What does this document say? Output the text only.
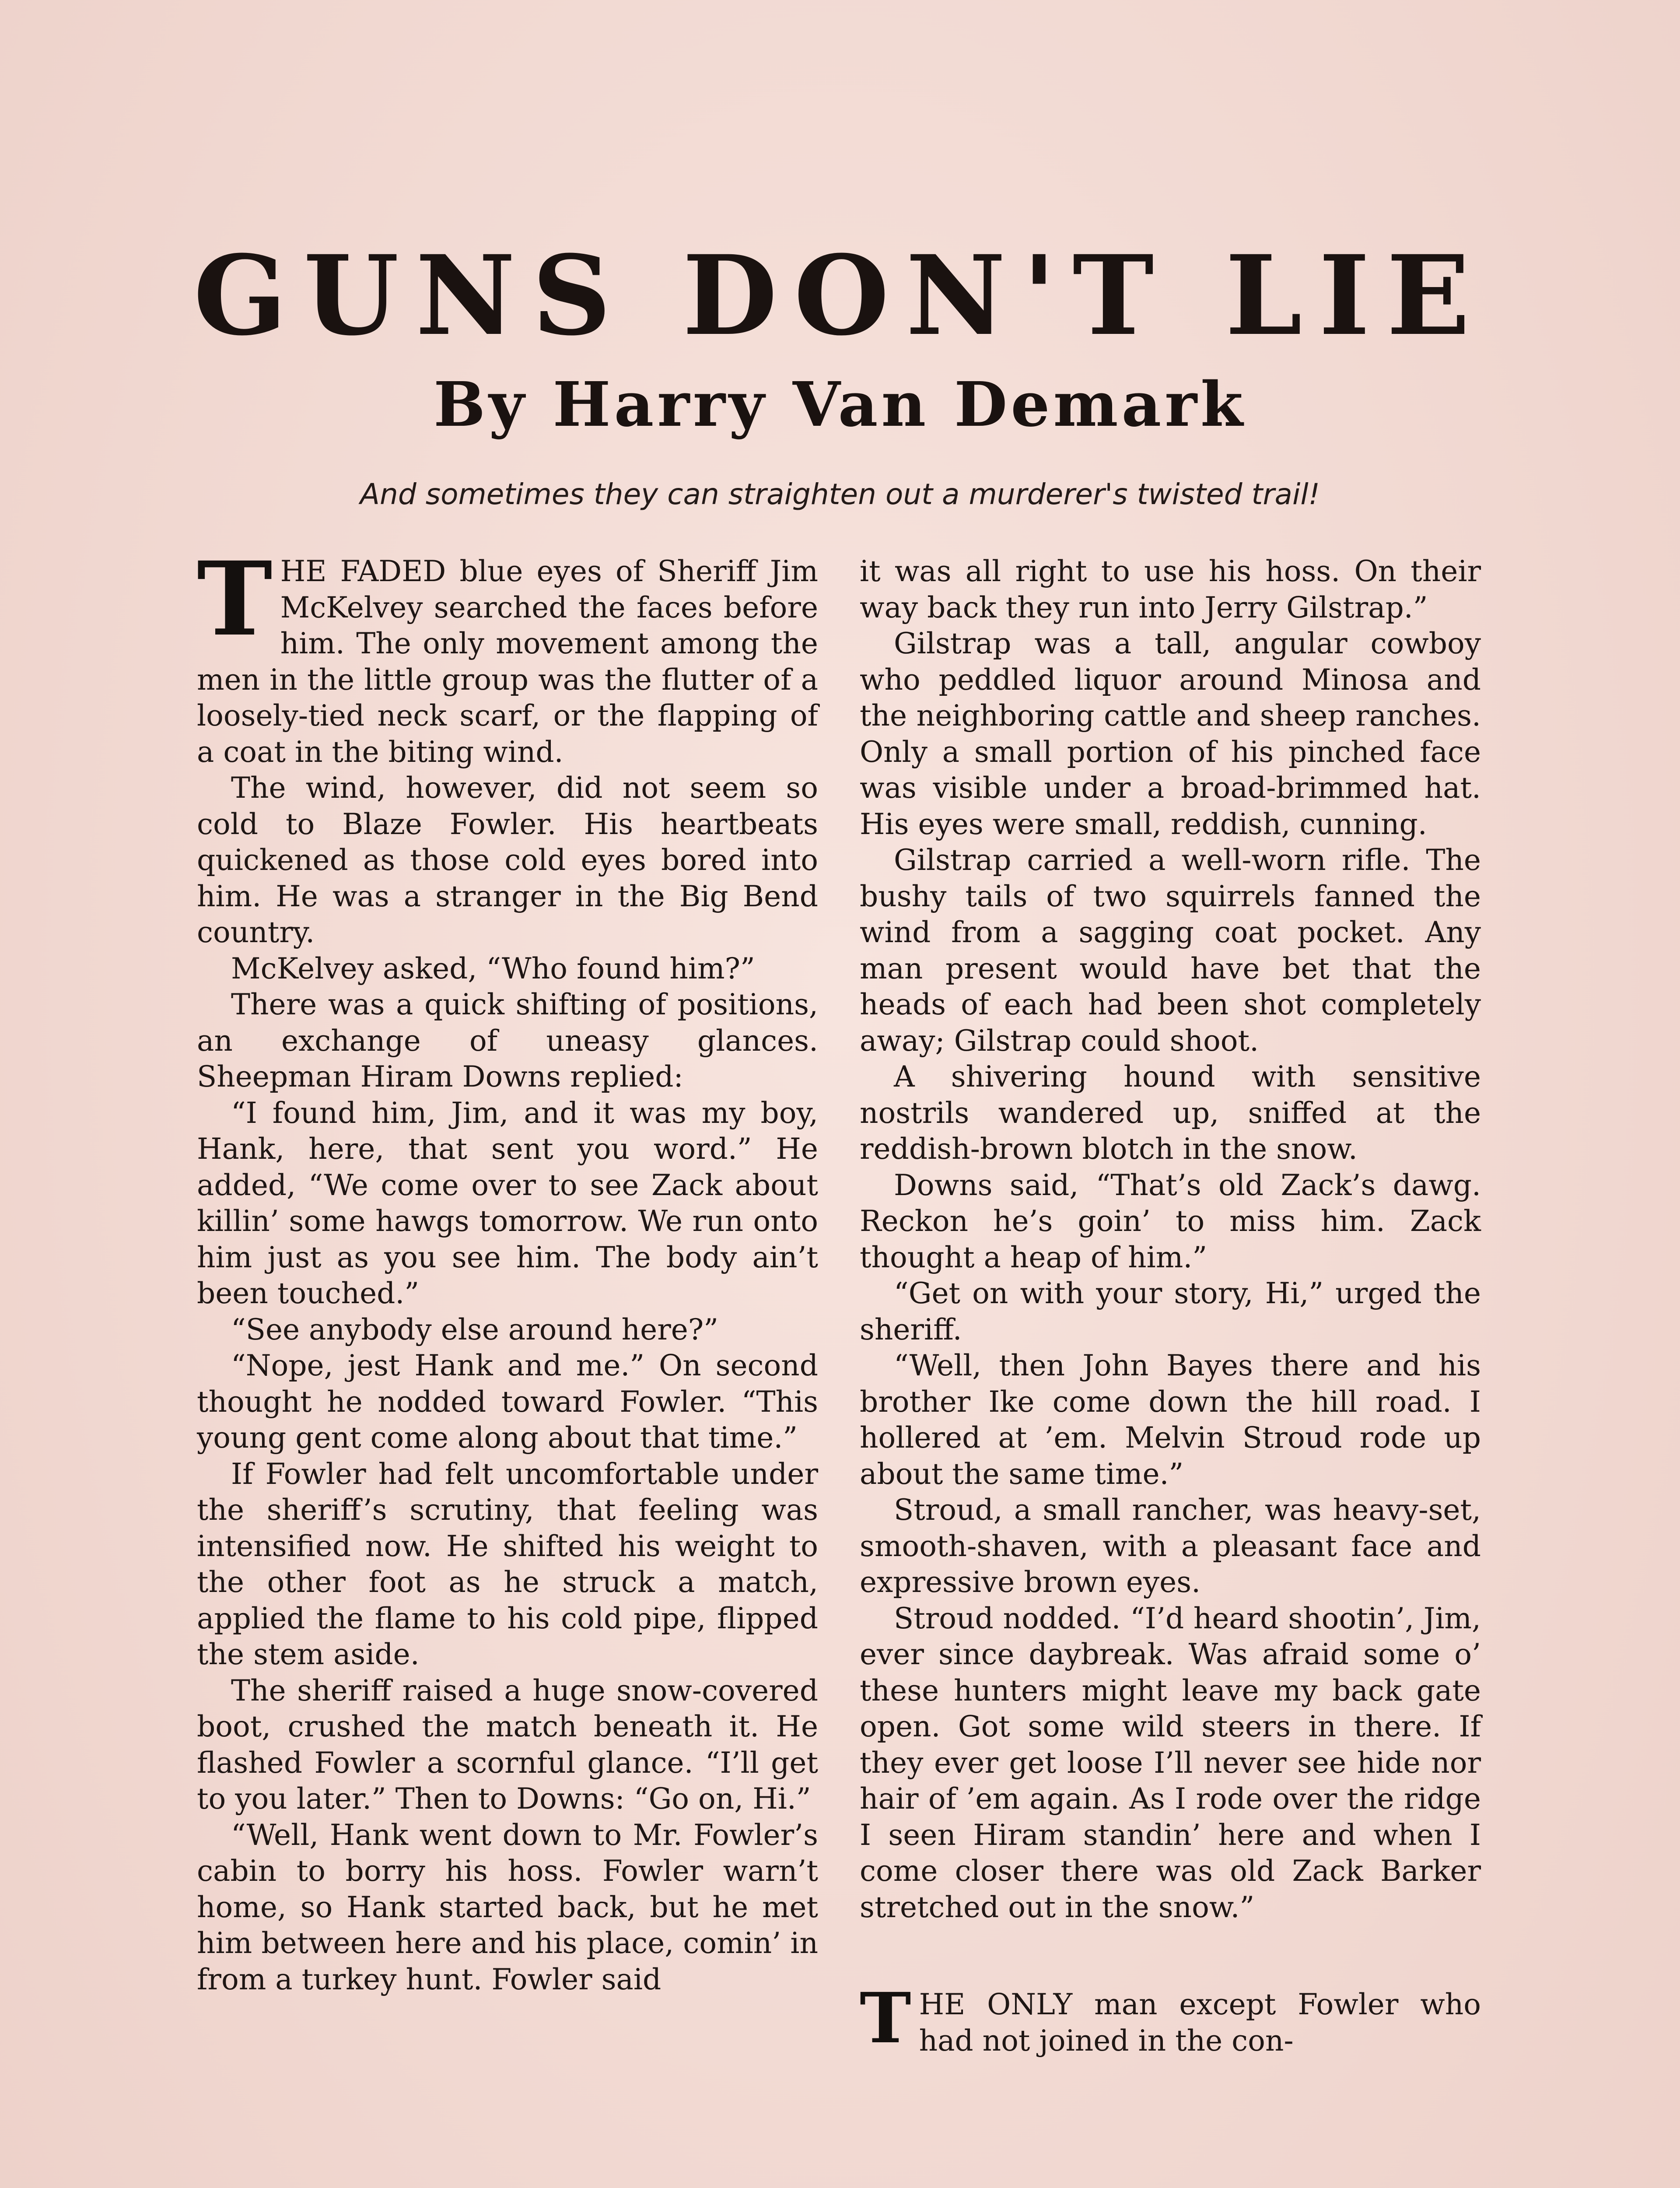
GUNS DON'T LIE
By Harry Van Demark

And sometimes they can straighten out a murderer's twisted trail!

THE FADED blue eyes of Sheriff Jim McKelvey searched the faces before him. The only movement among the men in the little group was the flutter of a loosely-tied neck scarf, or the flapping of a coat in the biting wind.

The wind, however, did not seem so cold to Blaze Fowler. His heartbeats quickened as those cold eyes bored into him. He was a stranger in the Big Bend country.

McKelvey asked, “Who found him?”

There was a quick shifting of positions, an exchange of uneasy glances. Sheepman Hiram Downs replied:

“I found him, Jim, and it was my boy, Hank, here, that sent you word.” He added, “We come over to see Zack about killin’ some hawgs tomorrow. We run onto him just as you see him. The body ain’t been touched.”

“See anybody else around here?”

“Nope, jest Hank and me.” On second thought he nodded toward Fowler. “This young gent come along about that time.”

If Fowler had felt uncomfortable under the sheriff’s scrutiny, that feeling was intensified now. He shifted his weight to the other foot as he struck a match, applied the flame to his cold pipe, flipped the stem aside.

The sheriff raised a huge snow-covered boot, crushed the match beneath it. He flashed Fowler a scornful glance. “I’ll get to you later.” Then to Downs: “Go on, Hi.”

“Well, Hank went down to Mr. Fowler’s cabin to borry his hoss. Fowler warn’t home, so Hank started back, but he met him between here and his place, comin’ in from a turkey hunt. Fowler said

it was all right to use his hoss. On their way back they run into Jerry Gilstrap.”

Gilstrap was a tall, angular cowboy who peddled liquor around Minosa and the neighboring cattle and sheep ranches. Only a small portion of his pinched face was visible under a broad-brimmed hat. His eyes were small, reddish, cunning.

Gilstrap carried a well-worn rifle. The bushy tails of two squirrels fanned the wind from a sagging coat pocket. Any man present would have bet that the heads of each had been shot completely away; Gilstrap could shoot.

A shivering hound with sensitive nostrils wandered up, sniffed at the reddish-brown blotch in the snow.

Downs said, “That’s old Zack’s dawg. Reckon he’s goin’ to miss him. Zack thought a heap of him.”

“Get on with your story, Hi,” urged the sheriff.

“Well, then John Bayes there and his brother Ike come down the hill road. I hollered at ’em. Melvin Stroud rode up about the same time.”

Stroud, a small rancher, was heavy-set, smooth-shaven, with a pleasant face and expressive brown eyes.

Stroud nodded. “I’d heard shootin’, Jim, ever since daybreak. Was afraid some o’ these hunters might leave my back gate open. Got some wild steers in there. If they ever get loose I’ll never see hide nor hair of ’em again. As I rode over the ridge I seen Hiram standin’ here and when I come closer there was old Zack Barker stretched out in the snow.”

THE ONLY man except Fowler who had not joined in the con-
